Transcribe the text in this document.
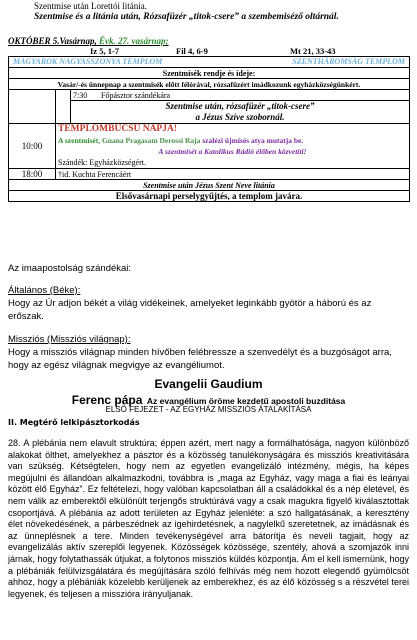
Szentmise után Lorettói litánia.
Szentmise és a litánia után, Rózsafüzér „titok-csere” a szembemiséző oltárnál.
OKTÓBER 5.Vasárnap, Évk. 27. vasárnap;
Iz 5, 1-7	Fil 4, 6-9	Mt 21, 33-43
MAGYAROK NAGYASSZONYA TEMPLOM SZENTHÁROMSÁG TEMPLOM		

Szentmisék rendje és ideje:		
Vasár/-és ünnepnap a szentmisék előtt félórával, rózsafüzért imádkozunk egyházközségünkért.		
		7:30 Főpásztor szándékára

		Szentmise után, rózsafüzér „titok-csere”
a Jézus Szíve szobornál.

10:00	TEMPLOMBÚCSÚ NAPJA!
A szentmisét, Gnana Pragasam Derossi Raja szalézi újmisés atya mutatja be.
A szentmisét a Katolikus Rádió élőben közvetíti!
Szándék: Egyházközségért.	

18:00	†id. Kuchta Ferencáért	
Szentmise után Jézus Szent Neve litánia		
Elsővasárnapi perselygyűjtés, a templom javára.		
Az imaapostolság szándékai:
Általános (Béke):
Hogy az Úr adjon békét a világ vidékeinek, amelyeket leginkább gyötör a háború és az erőszak.
Missziós (Missziós világnap):
Hogy a missziós világnap minden hívőben felébressze a szenvedélyt és a buzgóságot arra, hogy az egész világnak megvigye az evangéliumot.
Evangelii Gaudium
Ferenc pápa Az evangélium öröme kezdetű apostoli buzdítása
ELSŐ FEJEZET - AZ EGYHÁZ MISSZIÓS ÁTALAKÍTÁSA
II. Megtérő lelkipásztorkodás
28. A plébánia nem elavult struktúra; éppen azért, mert nagy a formálhatósága, nagyon különböző alakokat ölthet, amelyekhez a pásztor és a közösség tanulékonyságára és missziós kreativitására van szükség. Kétségtelen, hogy nem az egyetlen evangelizáló intézmény, mégis, ha képes megújulni és állandóan alkalmazkodni, továbbra is „maga az Egyház, vagy maga a fiai és leányai között élő Egyház”. Ez feltételezi, hogy valóban kapcsolatban áll a családokkal és a nép életével, és nem válik az emberektől elkülönült terjengős struktúrává vagy a csak magukra figyelő kiválasztottak csoportjává. A plébánia az adott területen az Egyház jelenléte: a szó hallgatásának, a keresztény élet növekedésének, a párbeszédnek az igehirdetésnek, a nagylelkű szeretetnek, az imádásnak és az ünneplésnek a tere. Minden tevékenységével arra bátorítja és neveli tagjait, hogy az evangelizálás aktív szereplői legyenek. Közösségek közössége, szentély, ahová a szomjazók inni járnak, hogy folytathassák útjukat, a folytonos missziós küldés központja. Ám el kell ismernünk, hogy a plébániák felülvizsgálatára és megújítására szóló felhívás még nem hozott elegendő gyümölcsöt ahhoz, hogy a plébániák közelebb kerüljenek az emberekhez, és az élő közösség s a részvétel terei legyenek, és teljesen a misszióra irányuljanak.
